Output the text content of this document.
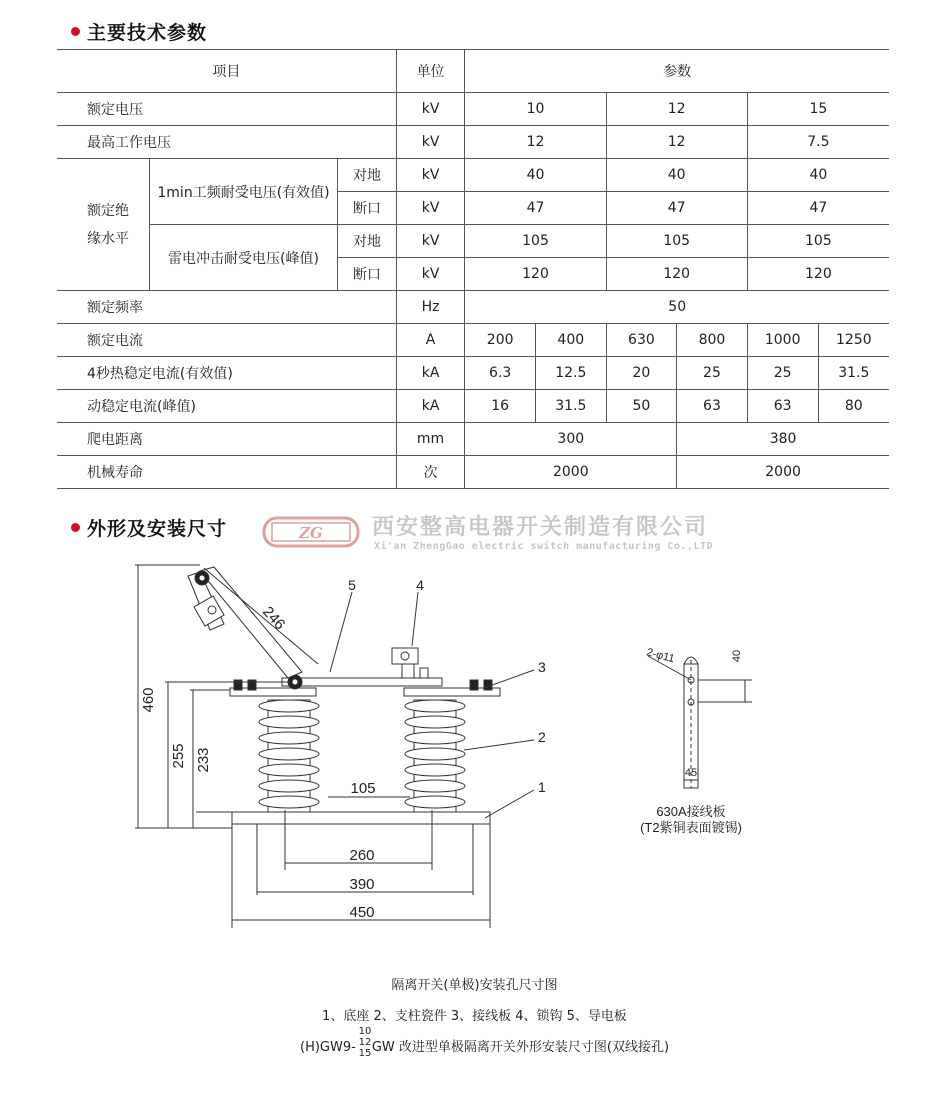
主要技术参数
项目			单位	参数					
额定电压			kV	10		12		15	
最高工作电压			kV	12		12		7.5	
额定绝
缘水平	1min工频耐受电压(有效值)	对地	kV	40		40		40	
		断口	kV	47		47		47	
	雷电冲击耐受电压(峰值)	对地	kV	105		105		105	
		断口	kV	120		120		120	
额定频率			Hz	50					
额定电流			A	200	400	630	800	1000	1250
4秒热稳定电流(有效值)			kA	6.3	12.5	20	25	25	31.5
动稳定电流(峰值)			kA	16	31.5	50	63	63	80
爬电距离			mm	300			380		
机械寿命			次	2000			2000		
外形及安装尺寸	ZG 西安整高电器开关制造有限公司
Xi'an ZhengGao electric switch manufacturing Co.,LTD
246
460
255 233
105
260
390
450
5	4
3
2
1
2-φ11	40
45
630A接线板
(T2紫铜表面镀锡)
隔离开关(单极)安装孔尺寸图
1、底座 2、支柱瓷件 3、接线板 4、锁钩 5、导电板
(H)GW9- GW 改进型单极隔离开关外形安装尺寸图(双线接孔)
10
12
15
